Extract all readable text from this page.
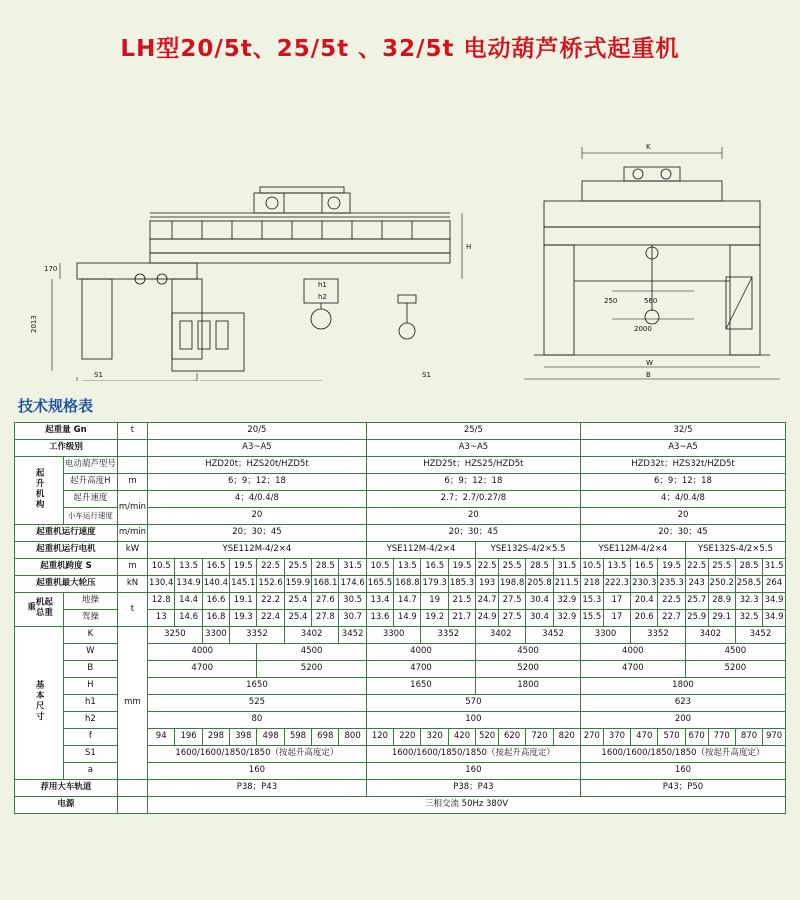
LH型20/5t、25/5t 、32/5t 电动葫芦桥式起重机
170
2013
S1	S1
h1
h2
H
K
250	560
2000
W
B
技术规格表
起重量 Gn		t	20/5								25/5								32/5							
工作级别			A3~A5								A3~A5								A3~A5							
起升机构	电动葫芦型号		HZD20t；HZS20t/HZD5t								HZD25t；HZS25/HZD5t								HZD32t；HZS32t/HZD5t							
	起升高度H	m	6；9；12；18								6；9；12；18								6；9；12；18							
	起升速度	m/min	4；4/0.4/8								2.7；2.7/0.27/8								4；4/0.4/8							
	小车运行速度		20								20								20							
起重机运行速度		m/min	20；30；45								20；30；45								20；30；45							
起重机运行电机		kW	YSE112M-4/2×4								YSE112M-4/2×4				YSE132S-4/2×5.5				YSE112M-4/2×4				YSE132S-4/2×5.5			
起重机跨度 S		m	10.5	13.5	16.5	19.5	22.5	25.5	28.5	31.5	10.5	13.5	16.5	19.5	22.5	25.5	28.5	31.5	10.5	13.5	16.5	19.5	22.5	25.5	28.5	31.5
起重机最大轮压		kN	130.4	134.9	140.4	145.1	152.6	159.9	168.1	174.6	165.5	168.8	179.3	185.3	193	198.8	205.8	211.5	218	222.3	230.3	235.3	243	250.2	258.5	264
起重机总重	地操	t	12.8	14.4	16.6	19.1	22.2	25.4	27.6	30.5	13.4	14.7	19	21.5	24.7	27.5	30.4	32.9	15.3	17	20.4	22.5	25.7	28.9	32.3	34.9
	驾操		13	14.6	16.8	19.3	22.4	25.4	27.8	30.7	13.6	14.9	19.2	21.7	24.9	27.5	30.4	32.9	15.5	17	20.6	22.7	25.9	29.1	32.5	34.9
基本尺寸	K	mm	3250		3300	3352		3402		3452	3300		3352		3402		3452		3300		3352		3402		3452	
	W		4000				4500				4000				4500				4000				4500			
	B		4700				5200				4700				5200				4700				5200			
	H		1650								1650				1800				1800							
	h1		525								570								623							
	h2		80								100								200							
	f		94	196	298	398	498	598	698	800	120	220	320	420	520	620	720	820	270	370	470	570	670	770	870	970
	S1		1600/1600/1850/1850（按起升高度定）								1600/1600/1850/1850（按起升高度定）								1600/1600/1850/1850（按起升高度定）							
	a		160								160								160							
荐用大车轨道			P38；P43								P38；P43								P43；P50							
电源			三相交流 50Hz 380V																							
